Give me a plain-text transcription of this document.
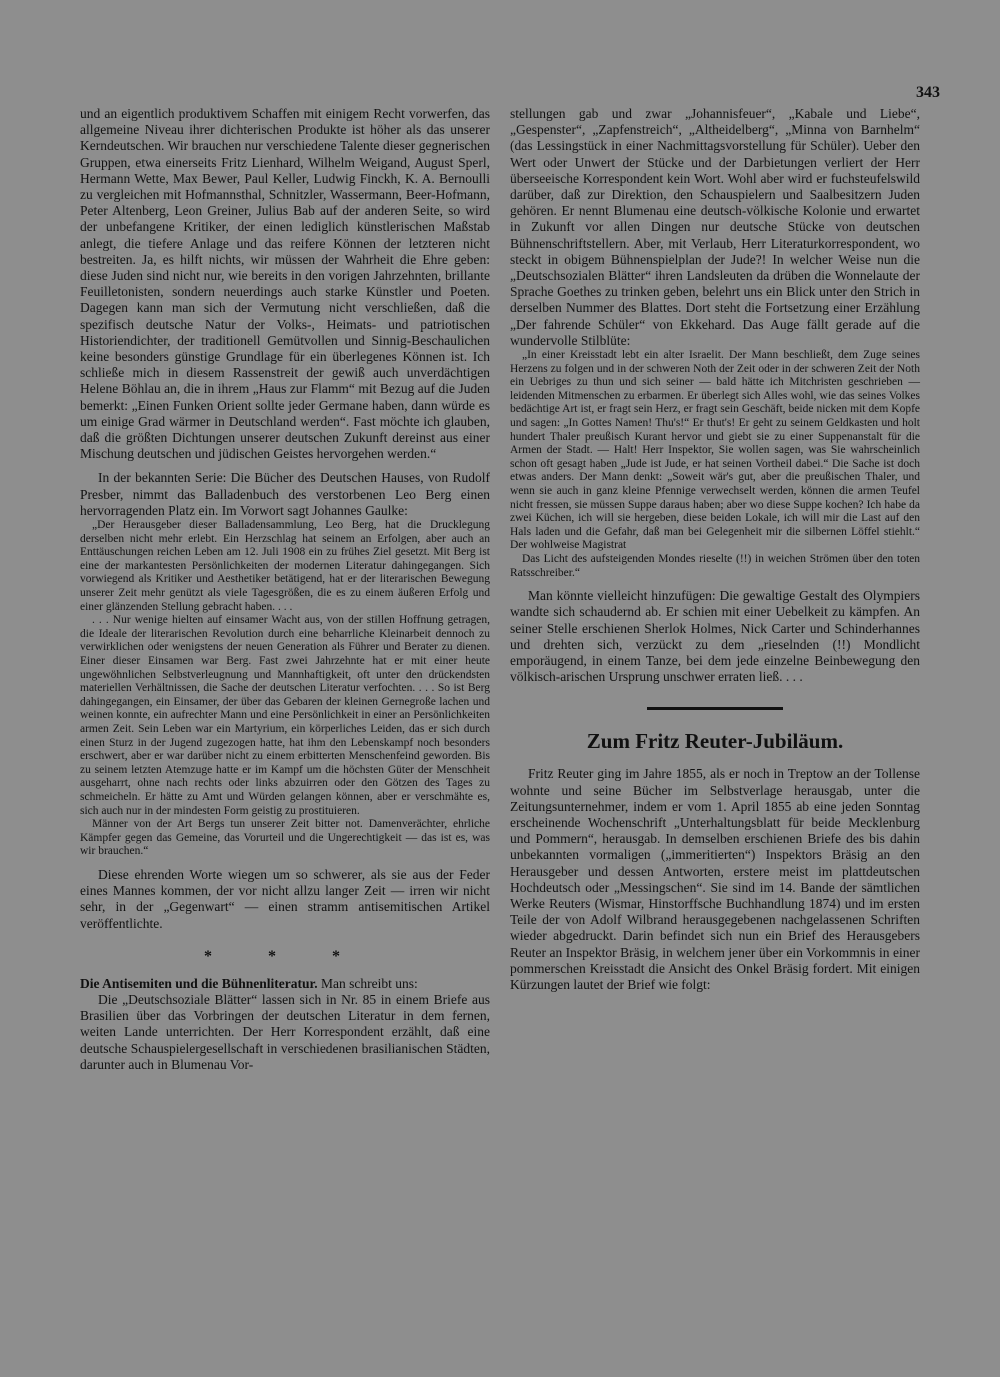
343

und an eigentlich produktivem Schaffen mit einigem Recht vorwerfen, das allgemeine Niveau ihrer dichterischen Produkte ist höher als das unserer Kerndeutschen. Wir brauchen nur verschiedene Talente dieser gegnerischen Gruppen, etwa einerseits Fritz Lienhard, Wilhelm Weigand, August Sperl, Hermann Wette, Max Bewer, Paul Keller, Ludwig Finckh, K. A. Bernoulli zu vergleichen mit Hofmannsthal, Schnitzler, Wassermann, Beer-Hofmann, Peter Altenberg, Leon Greiner, Julius Bab auf der anderen Seite, so wird der unbefangene Kritiker, der einen lediglich künstlerischen Maßstab anlegt, die tiefere Anlage und das reifere Können der letzteren nicht bestreiten. Ja, es hilft nichts, wir müssen der Wahrheit die Ehre geben: diese Juden sind nicht nur, wie bereits in den vorigen Jahrzehnten, brillante Feuilletonisten, sondern neuerdings auch starke Künstler und Poeten. Dagegen kann man sich der Vermutung nicht verschließen, daß die spezifisch deutsche Natur der Volks-, Heimats- und patriotischen Historiendichter, der traditionell Gemütvollen und Sinnig-Beschaulichen keine besonders günstige Grundlage für ein überlegenes Können ist. Ich schließe mich in diesem Rassenstreit der gewiß auch unverdächtigen Helene Böhlau an, die in ihrem „Haus zur Flamm“ mit Bezug auf die Juden bemerkt: „Einen Funken Orient sollte jeder Germane haben, dann würde es um einige Grad wärmer in Deutschland werden“. Fast möchte ich glauben, daß die größten Dichtungen unserer deutschen Zukunft dereinst aus einer Mischung deutschen und jüdischen Geistes hervorgehen werden.“

In der bekannten Serie: Die Bücher des Deutschen Hauses, von Rudolf Presber, nimmt das Balladenbuch des verstorbenen Leo Berg einen hervorragenden Platz ein. Im Vorwort sagt Johannes Gaulke:

„Der Herausgeber dieser Balladensammlung, Leo Berg, hat die Drucklegung derselben nicht mehr erlebt. Ein Herzschlag hat seinem an Erfolgen, aber auch an Enttäuschungen reichen Leben am 12. Juli 1908 ein zu frühes Ziel gesetzt. Mit Berg ist eine der markantesten Persönlichkeiten der modernen Literatur dahingegangen. Sich vorwiegend als Kritiker und Aesthetiker betätigend, hat er der literarischen Bewegung unserer Zeit mehr genützt als viele Tagesgrößen, die es zu einem äußeren Erfolg und einer glänzenden Stellung gebracht haben. . . .

. . . Nur wenige hielten auf einsamer Wacht aus, von der stillen Hoffnung getragen, die Ideale der literarischen Revolution durch eine beharrliche Kleinarbeit dennoch zu verwirklichen oder wenigstens der neuen Generation als Führer und Berater zu dienen. Einer dieser Einsamen war Berg. Fast zwei Jahrzehnte hat er mit einer heute ungewöhnlichen Selbstverleugnung und Mannhaftigkeit, oft unter den drückendsten materiellen Verhältnissen, die Sache der deutschen Literatur verfochten. . . . So ist Berg dahingegangen, ein Einsamer, der über das Gebaren der kleinen Gernegroße lachen und weinen konnte, ein aufrechter Mann und eine Persönlichkeit in einer an Persönlichkeiten armen Zeit. Sein Leben war ein Martyrium, ein körperliches Leiden, das er sich durch einen Sturz in der Jugend zugezogen hatte, hat ihm den Lebenskampf noch besonders erschwert, aber er war darüber nicht zu einem erbitterten Menschenfeind geworden. Bis zu seinem letzten Atemzuge hatte er im Kampf um die höchsten Güter der Menschheit ausgeharrt, ohne nach rechts oder links abzuirren oder den Götzen des Tages zu schmeicheln. Er hätte zu Amt und Würden gelangen können, aber er verschmähte es, sich auch nur in der mindesten Form geistig zu prostituieren.

Männer von der Art Bergs tun unserer Zeit bitter not. Damenverächter, ehrliche Kämpfer gegen das Gemeine, das Vorurteil und die Ungerechtigkeit — das ist es, was wir brauchen.“

Diese ehrenden Worte wiegen um so schwerer, als sie aus der Feder eines Mannes kommen, der vor nicht allzu langer Zeit — irren wir nicht sehr, in der „Gegenwart“ — einen stramm antisemitischen Artikel veröffentlichte.

* * *

Die Antisemiten und die Bühnenliteratur. Man schreibt uns:

Die „Deutschsoziale Blätter“ lassen sich in Nr. 85 in einem Briefe aus Brasilien über das Vorbringen der deutschen Literatur in dem fernen, weiten Lande unterrichten. Der Herr Korrespondent erzählt, daß eine deutsche Schauspielergesellschaft in verschiedenen brasilianischen Städten, darunter auch in Blumenau Vor-

stellungen gab und zwar „Johannisfeuer“, „Kabale und Liebe“, „Gespenster“, „Zapfenstreich“, „Altheidelberg“, „Minna von Barnhelm“ (das Lessingstück in einer Nachmittagsvorstellung für Schüler). Ueber den Wert oder Unwert der Stücke und der Darbietungen verliert der Herr überseeische Korrespondent kein Wort. Wohl aber wird er fuchsteufelswild darüber, daß zur Direktion, den Schauspielern und Saalbesitzern Juden gehören. Er nennt Blumenau eine deutsch-völkische Kolonie und erwartet in Zukunft vor allen Dingen nur deutsche Stücke von deutschen Bühnenschriftstellern. Aber, mit Verlaub, Herr Literaturkorrespondent, wo steckt in obigem Bühnenspielplan der Jude?! In welcher Weise nun die „Deutschsozialen Blätter“ ihren Landsleuten da drüben die Wonnelaute der Sprache Goethes zu trinken geben, belehrt uns ein Blick unter den Strich in derselben Nummer des Blattes. Dort steht die Fortsetzung einer Erzählung „Der fahrende Schüler“ von Ekkehard. Das Auge fällt gerade auf die wundervolle Stilblüte:

„In einer Kreisstadt lebt ein alter Israelit. Der Mann beschließt, dem Zuge seines Herzens zu folgen und in der schweren Noth der Zeit oder in der schweren Zeit der Noth ein Uebriges zu thun und sich seiner — bald hätte ich Mitchristen geschrieben — leidenden Mitmenschen zu erbarmen. Er überlegt sich Alles wohl, wie das seines Volkes bedächtige Art ist, er fragt sein Herz, er fragt sein Geschäft, beide nicken mit dem Kopfe und sagen: „In Gottes Namen! Thu's!“ Er thut's! Er geht zu seinem Geldkasten und holt hundert Thaler preußisch Kurant hervor und giebt sie zu einer Suppenanstalt für die Armen der Stadt. — Halt! Herr Inspektor, Sie wollen sagen, was Sie wahrscheinlich schon oft gesagt haben „Jude ist Jude, er hat seinen Vortheil dabei.“ Die Sache ist doch etwas anders. Der Mann denkt: „Soweit wär's gut, aber die preußischen Thaler, und wenn sie auch in ganz kleine Pfennige verwechselt werden, können die armen Teufel nicht fressen, sie müssen Suppe daraus haben; aber wo diese Suppe kochen? Ich habe da zwei Küchen, ich will sie hergeben, diese beiden Lokale, ich will mir die Last auf den Hals laden und die Gefahr, daß man bei Gelegenheit mir die silbernen Löffel stiehlt.“ Der wohlweise Magistrat

Das Licht des aufsteigenden Mondes rieselte (!!) in weichen Strömen über den toten Ratsschreiber.“

Man könnte vielleicht hinzufügen: Die gewaltige Gestalt des Olympiers wandte sich schaudernd ab. Er schien mit einer Uebelkeit zu kämpfen. An seiner Stelle erschienen Sherlok Holmes, Nick Carter und Schinderhannes und drehten sich, verzückt zu dem „rieselnden (!!) Mondlicht emporäugend, in einem Tanze, bei dem jede einzelne Beinbewegung den völkisch-arischen Ursprung unschwer erraten ließ. . . .

Zum Fritz Reuter-Jubiläum.

Fritz Reuter ging im Jahre 1855, als er noch in Treptow an der Tollense wohnte und seine Bücher im Selbstverlage herausgab, unter die Zeitungsunternehmer, indem er vom 1. April 1855 ab eine jeden Sonntag erscheinende Wochenschrift „Unterhaltungsblatt für beide Mecklenburg und Pommern“, herausgab. In demselben erschienen Briefe des bis dahin unbekannten vormaligen („immeritierten“) Inspektors Bräsig an den Herausgeber und dessen Antworten, erstere meist im plattdeutschen Hochdeutsch oder „Messingschen“. Sie sind im 14. Bande der sämtlichen Werke Reuters (Wismar, Hinstorffsche Buchhandlung 1874) und im ersten Teile der von Adolf Wilbrand herausgegebenen nachgelassenen Schriften wieder abgedruckt. Darin befindet sich nun ein Brief des Herausgebers Reuter an Inspektor Bräsig, in welchem jener über ein Vorkommnis in einer pommerschen Kreisstadt die Ansicht des Onkel Bräsig fordert. Mit einigen Kürzungen lautet der Brief wie folgt:
